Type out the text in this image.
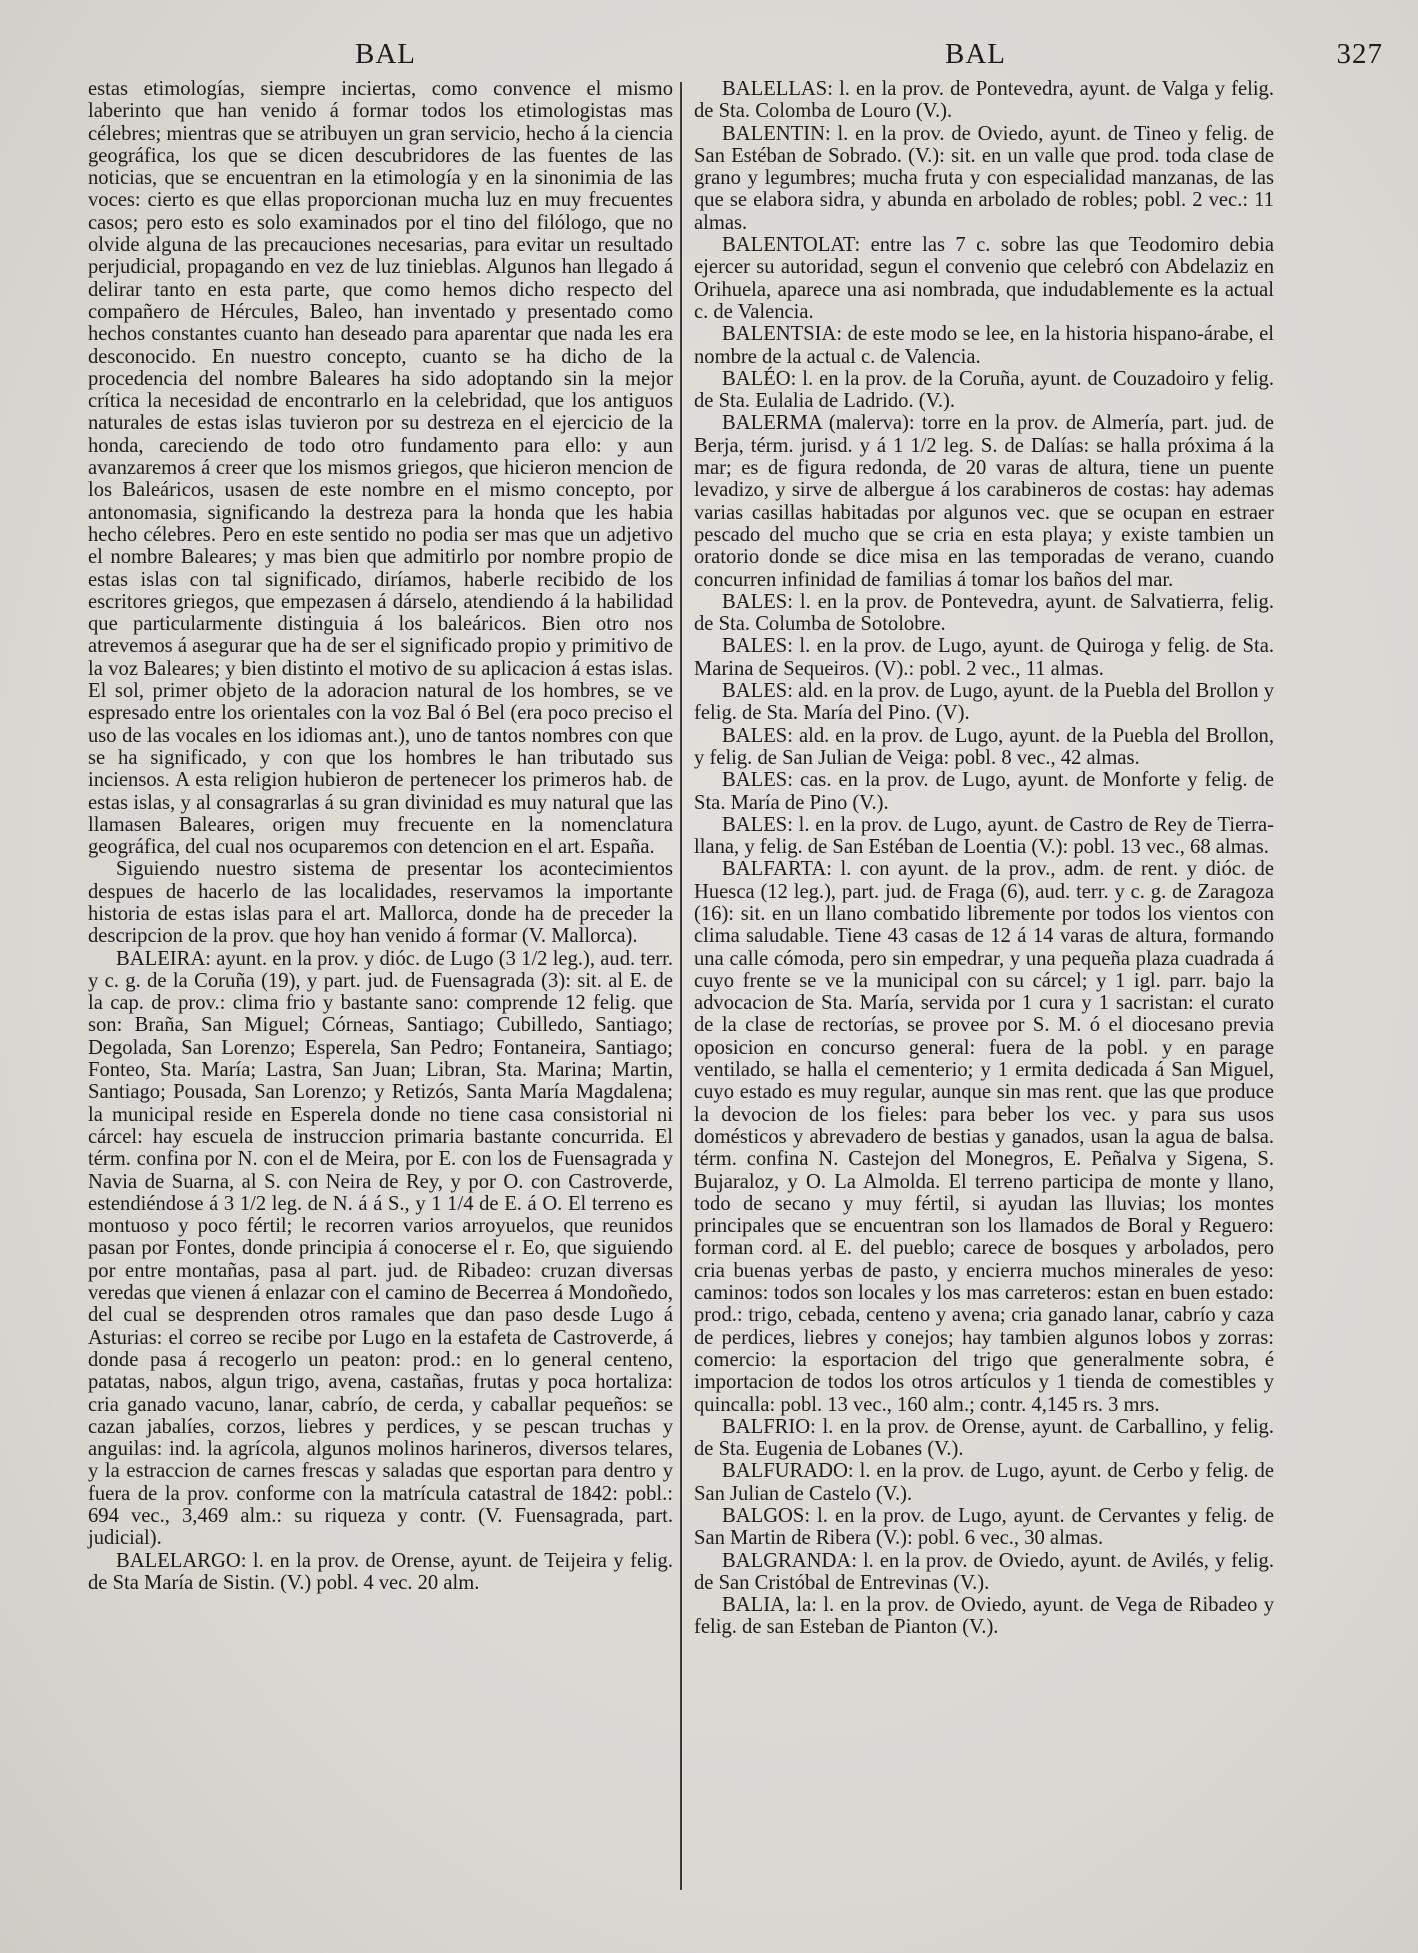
BAL	BAL	327

estas etimologías, siempre inciertas, como convence el mismo laberinto que han venido á formar todos los etimologistas mas célebres; mientras que se atribuyen un gran servicio, hecho á la ciencia geográfica, los que se dicen descubridores de las fuentes de las noticias, que se encuentran en la etimología y en la sinonimia de las voces: cierto es que ellas proporcionan mucha luz en muy frecuentes casos; pero esto es solo examinados por el tino del filólogo, que no olvide alguna de las precauciones necesarias, para evitar un resultado perjudicial, propagando en vez de luz tinieblas. Algunos han llegado á delirar tanto en esta parte, que como hemos dicho respecto del compañero de Hércules, Baleo, han inventado y presentado como hechos constantes cuanto han deseado para aparentar que nada les era desconocido. En nuestro concepto, cuanto se ha dicho de la procedencia del nombre Baleares ha sido adoptando sin la mejor crítica la necesidad de encontrarlo en la celebridad, que los antiguos naturales de estas islas tuvieron por su destreza en el ejercicio de la honda, careciendo de todo otro fundamento para ello: y aun avanzaremos á creer que los mismos griegos, que hicieron mencion de los Baleáricos, usasen de este nombre en el mismo concepto, por antonomasia, significando la destreza para la honda que les habia hecho célebres. Pero en este sentido no podia ser mas que un adjetivo el nombre Baleares; y mas bien que admitirlo por nombre propio de estas islas con tal significado, diríamos, haberle recibido de los escritores griegos, que empezasen á dárselo, atendiendo á la habilidad que particularmente distinguia á los baleáricos. Bien otro nos atrevemos á asegurar que ha de ser el significado propio y primitivo de la voz Baleares; y bien distinto el motivo de su aplicacion á estas islas. El sol, primer objeto de la adoracion natural de los hombres, se ve espresado entre los orientales con la voz Bal ó Bel (era poco preciso el uso de las vocales en los idiomas ant.), uno de tantos nombres con que se ha significado, y con que los hombres le han tributado sus inciensos. A esta religion hubieron de pertenecer los primeros hab. de estas islas, y al consagrarlas á su gran divinidad es muy natural que las llamasen Baleares, origen muy frecuente en la nomenclatura geográfica, del cual nos ocuparemos con detencion en el art. España.

Siguiendo nuestro sistema de presentar los acontecimientos despues de hacerlo de las localidades, reservamos la importante historia de estas islas para el art. Mallorca, donde ha de preceder la descripcion de la prov. que hoy han venido á formar (V. Mallorca).

BALEIRA: ayunt. en la prov. y dióc. de Lugo (3 1/2 leg.), aud. terr. y c. g. de la Coruña (19), y part. jud. de Fuensagrada (3): sit. al E. de la cap. de prov.: clima frio y bastante sano: comprende 12 felig. que son: Braña, San Miguel; Córneas, Santiago; Cubilledo, Santiago; Degolada, San Lorenzo; Esperela, San Pedro; Fontaneira, Santiago; Fonteo, Sta. María; Lastra, San Juan; Libran, Sta. Marina; Martin, Santiago; Pousada, San Lorenzo; y Retizós, Santa María Magdalena; la municipal reside en Esperela donde no tiene casa consistorial ni cárcel: hay escuela de instruccion primaria bastante concurrida. El térm. confina por N. con el de Meira, por E. con los de Fuensagrada y Navia de Suarna, al S. con Neira de Rey, y por O. con Castroverde, estendiéndose á 3 1/2 leg. de N. á á S., y 1 1/4 de E. á O. El terreno es montuoso y poco fértil; le recorren varios arroyuelos, que reunidos pasan por Fontes, donde principia á conocerse el r. Eo, que siguiendo por entre montañas, pasa al part. jud. de Ribadeo: cruzan diversas veredas que vienen á enlazar con el camino de Becerrea á Mondoñedo, del cual se desprenden otros ramales que dan paso desde Lugo á Asturias: el correo se recibe por Lugo en la estafeta de Castroverde, á donde pasa á recogerlo un peaton: prod.: en lo general centeno, patatas, nabos, algun trigo, avena, castañas, frutas y poca hortaliza: cria ganado vacuno, lanar, cabrío, de cerda, y caballar pequeños: se cazan jabalíes, corzos, liebres y perdices, y se pescan truchas y anguilas: ind. la agrícola, algunos molinos harineros, diversos telares, y la estraccion de carnes frescas y saladas que esportan para dentro y fuera de la prov. conforme con la matrícula catastral de 1842: pobl.: 694 vec., 3,469 alm.: su riqueza y contr. (V. Fuensagrada, part. judicial).

BALELARGO: l. en la prov. de Orense, ayunt. de Teijeira y felig. de Sta María de Sistin. (V.) pobl. 4 vec. 20 alm.

BALELLAS: l. en la prov. de Pontevedra, ayunt. de Valga y felig. de Sta. Colomba de Louro (V.).

BALENTIN: l. en la prov. de Oviedo, ayunt. de Tineo y felig. de San Estéban de Sobrado. (V.): sit. en un valle que prod. toda clase de grano y legumbres; mucha fruta y con especialidad manzanas, de las que se elabora sidra, y abunda en arbolado de robles; pobl. 2 vec.: 11 almas.

BALENTOLAT: entre las 7 c. sobre las que Teodomiro debia ejercer su autoridad, segun el convenio que celebró con Abdelaziz en Orihuela, aparece una asi nombrada, que indudablemente es la actual c. de Valencia.

BALENTSIA: de este modo se lee, en la historia hispano-árabe, el nombre de la actual c. de Valencia.

BALÉO: l. en la prov. de la Coruña, ayunt. de Couzadoiro y felig. de Sta. Eulalia de Ladrido. (V.).

BALERMA (malerva): torre en la prov. de Almería, part. jud. de Berja, térm. jurisd. y á 1 1/2 leg. S. de Dalías: se halla próxima á la mar; es de figura redonda, de 20 varas de altura, tiene un puente levadizo, y sirve de albergue á los carabineros de costas: hay ademas varias casillas habitadas por algunos vec. que se ocupan en estraer pescado del mucho que se cria en esta playa; y existe tambien un oratorio donde se dice misa en las temporadas de verano, cuando concurren infinidad de familias á tomar los baños del mar.

BALES: l. en la prov. de Pontevedra, ayunt. de Salvatierra, felig. de Sta. Columba de Sotolobre.

BALES: l. en la prov. de Lugo, ayunt. de Quiroga y felig. de Sta. Marina de Sequeiros. (V).: pobl. 2 vec., 11 almas.

BALES: ald. en la prov. de Lugo, ayunt. de la Puebla del Brollon y felig. de Sta. María del Pino. (V).

BALES: ald. en la prov. de Lugo, ayunt. de la Puebla del Brollon, y felig. de San Julian de Veiga: pobl. 8 vec., 42 almas.

BALES: cas. en la prov. de Lugo, ayunt. de Monforte y felig. de Sta. María de Pino (V.).

BALES: l. en la prov. de Lugo, ayunt. de Castro de Rey de Tierra-llana, y felig. de San Estéban de Loentia (V.): pobl. 13 vec., 68 almas.

BALFARTA: l. con ayunt. de la prov., adm. de rent. y dióc. de Huesca (12 leg.), part. jud. de Fraga (6), aud. terr. y c. g. de Zaragoza (16): sit. en un llano combatido libremente por todos los vientos con clima saludable. Tiene 43 casas de 12 á 14 varas de altura, formando una calle cómoda, pero sin empedrar, y una pequeña plaza cuadrada á cuyo frente se ve la municipal con su cárcel; y 1 igl. parr. bajo la advocacion de Sta. María, servida por 1 cura y 1 sacristan: el curato de la clase de rectorías, se provee por S. M. ó el diocesano previa oposicion en concurso general: fuera de la pobl. y en parage ventilado, se halla el cementerio; y 1 ermita dedicada á San Miguel, cuyo estado es muy regular, aunque sin mas rent. que las que produce la devocion de los fieles: para beber los vec. y para sus usos domésticos y abrevadero de bestias y ganados, usan la agua de balsa. térm. confina N. Castejon del Monegros, E. Peñalva y Sigena, S. Bujaraloz, y O. La Almolda. El terreno participa de monte y llano, todo de secano y muy fértil, si ayudan las lluvias; los montes principales que se encuentran son los llamados de Boral y Reguero: forman cord. al E. del pueblo; carece de bosques y arbolados, pero cria buenas yerbas de pasto, y encierra muchos minerales de yeso: caminos: todos son locales y los mas carreteros: estan en buen estado: prod.: trigo, cebada, centeno y avena; cria ganado lanar, cabrío y caza de perdices, liebres y conejos; hay tambien algunos lobos y zorras: comercio: la esportacion del trigo que generalmente sobra, é importacion de todos los otros artículos y 1 tienda de comestibles y quincalla: pobl. 13 vec., 160 alm.; contr. 4,145 rs. 3 mrs.

BALFRIO: l. en la prov. de Orense, ayunt. de Carballino, y felig. de Sta. Eugenia de Lobanes (V.).

BALFURADO: l. en la prov. de Lugo, ayunt. de Cerbo y felig. de San Julian de Castelo (V.).

BALGOS: l. en la prov. de Lugo, ayunt. de Cervantes y felig. de San Martin de Ribera (V.): pobl. 6 vec., 30 almas.

BALGRANDA: l. en la prov. de Oviedo, ayunt. de Avilés, y felig. de San Cristóbal de Entrevinas (V.).

BALIA, la: l. en la prov. de Oviedo, ayunt. de Vega de Ribadeo y felig. de san Esteban de Pianton (V.).
